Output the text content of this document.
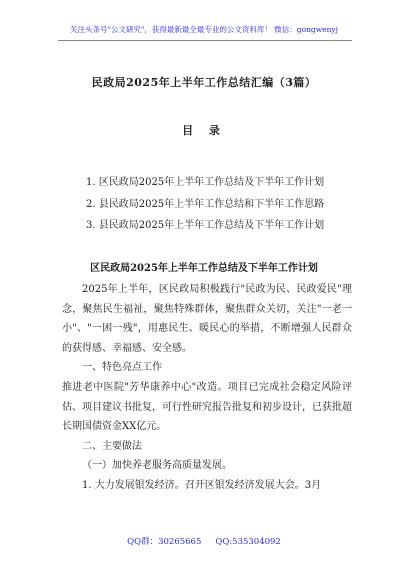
关注头条号"公文研究"，获得最新最全最专业的公文资料库！ 微信：gongwenyj
民政局2025年上半年工作总结汇编（3篇）
目 录
1. 区民政局2025年上半年工作总结及下半年工作计划
2. 县民政局2025年上半年工作总结和下半年工作思路
3. 县民政局2025年上半年工作总结及下半年工作计划
区民政局2025年上半年工作总结及下半年工作计划

2025年上半年，区民政局积极践行"民政为民、民政爱民"理念，聚焦民生福祉，聚焦特殊群体，聚焦群众关切，关注"一老一小"、"一困一残"，用惠民生、暖民心的举措，不断增强人民群众的获得感、幸福感、安全感。

一、特色亮点工作

推进老中医院"芳华康养中心"改造。项目已完成社会稳定风险评估、项目建议书批复，可行性研究报告批复和初步设计，已获批超长期国债资金XX亿元。

二、主要做法

（一）加快养老服务高质量发展。

1. 大力发展银发经济。召开区银发经济发展大会。3月

QQ群：30265665 QQ:535304092
